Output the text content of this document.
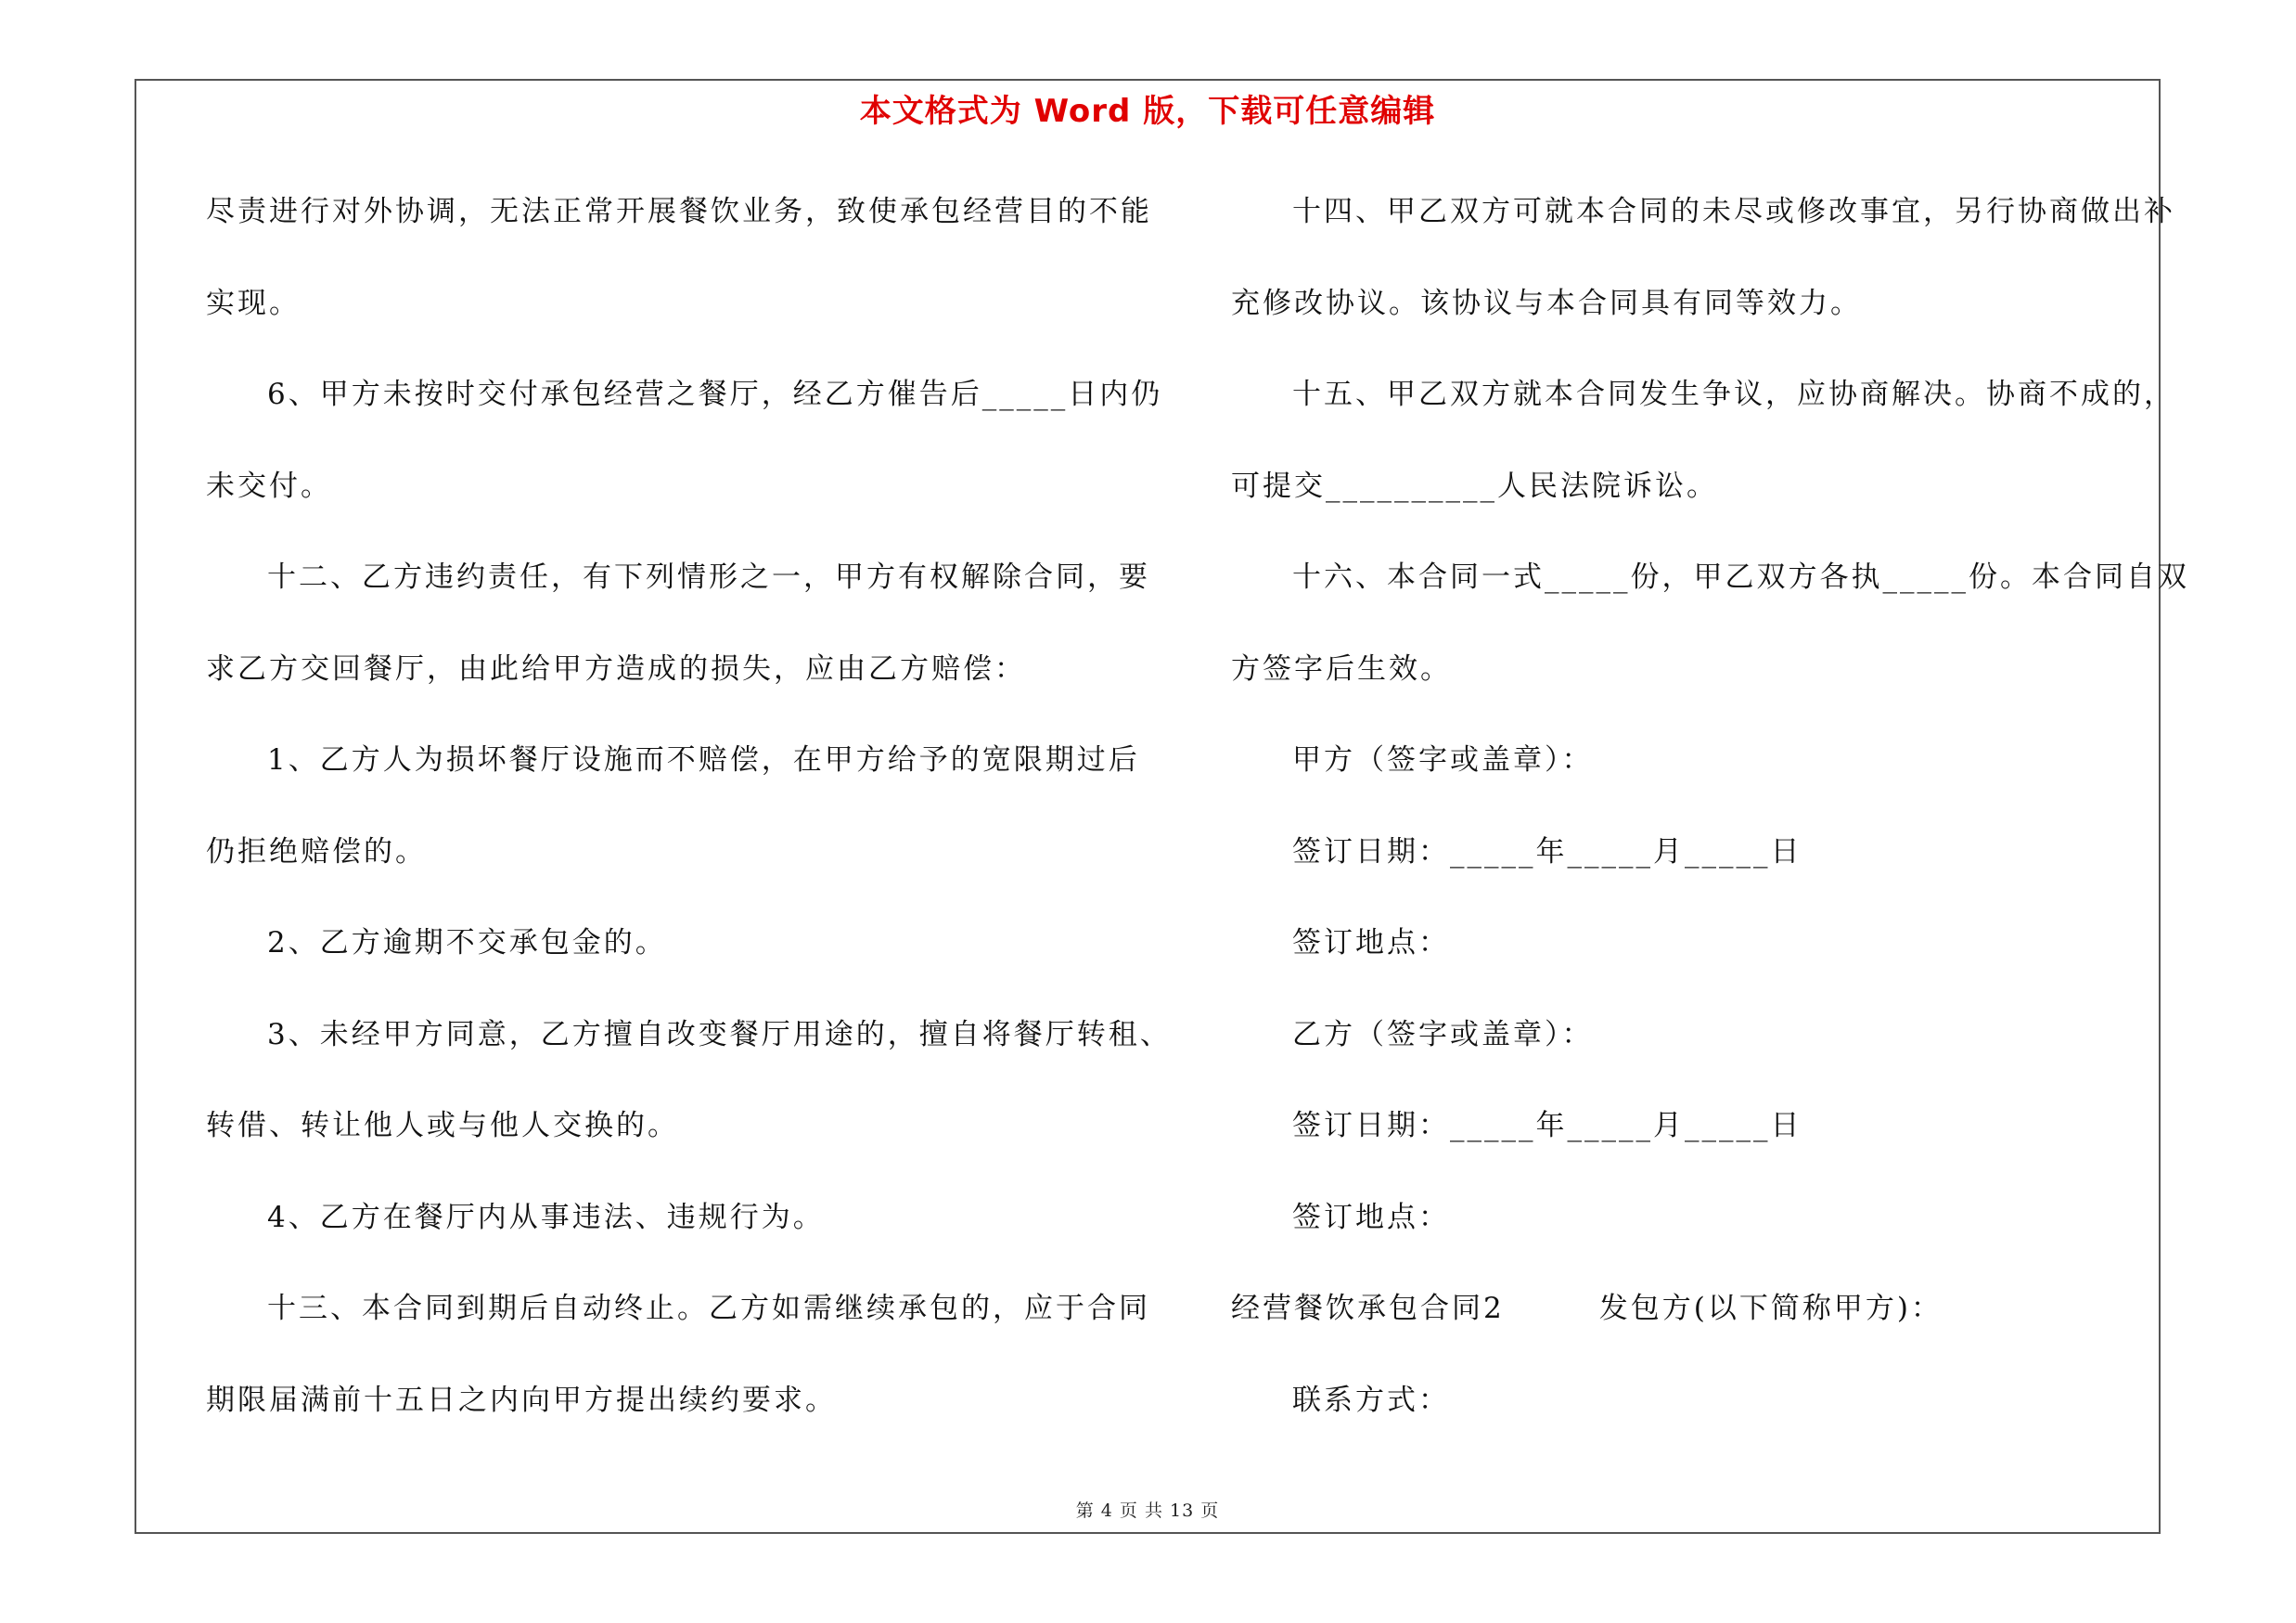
本文格式为 Word 版，下载可任意编辑
尽责进行对外协调，无法正常开展餐饮业务，致使承包经营目的不能
实现。
6、甲方未按时交付承包经营之餐厅，经乙方催告后_____日内仍
未交付。
十二、乙方违约责任，有下列情形之一，甲方有权解除合同，要
求乙方交回餐厅，由此给甲方造成的损失，应由乙方赔偿：
1、乙方人为损坏餐厅设施而不赔偿，在甲方给予的宽限期过后
仍拒绝赔偿的。
2、乙方逾期不交承包金的。
3、未经甲方同意，乙方擅自改变餐厅用途的，擅自将餐厅转租、
转借、转让他人或与他人交换的。
4、乙方在餐厅内从事违法、违规行为。
十三、本合同到期后自动终止。乙方如需继续承包的，应于合同
期限届满前十五日之内向甲方提出续约要求。
十四、甲乙双方可就本合同的未尽或修改事宜，另行协商做出补
充修改协议。该协议与本合同具有同等效力。
十五、甲乙双方就本合同发生争议，应协商解决。协商不成的，
可提交__________人民法院诉讼。
十六、本合同一式_____份，甲乙双方各执_____份。本合同自双
方签字后生效。
甲方（签字或盖章）：
签订日期：_____年_____月_____日
签订地点：
乙方（签字或盖章）：
签订日期：_____年_____月_____日
签订地点：
经营餐饮承包合同2　　　发包方(以下简称甲方)：
联系方式：
第 4 页 共 13 页
